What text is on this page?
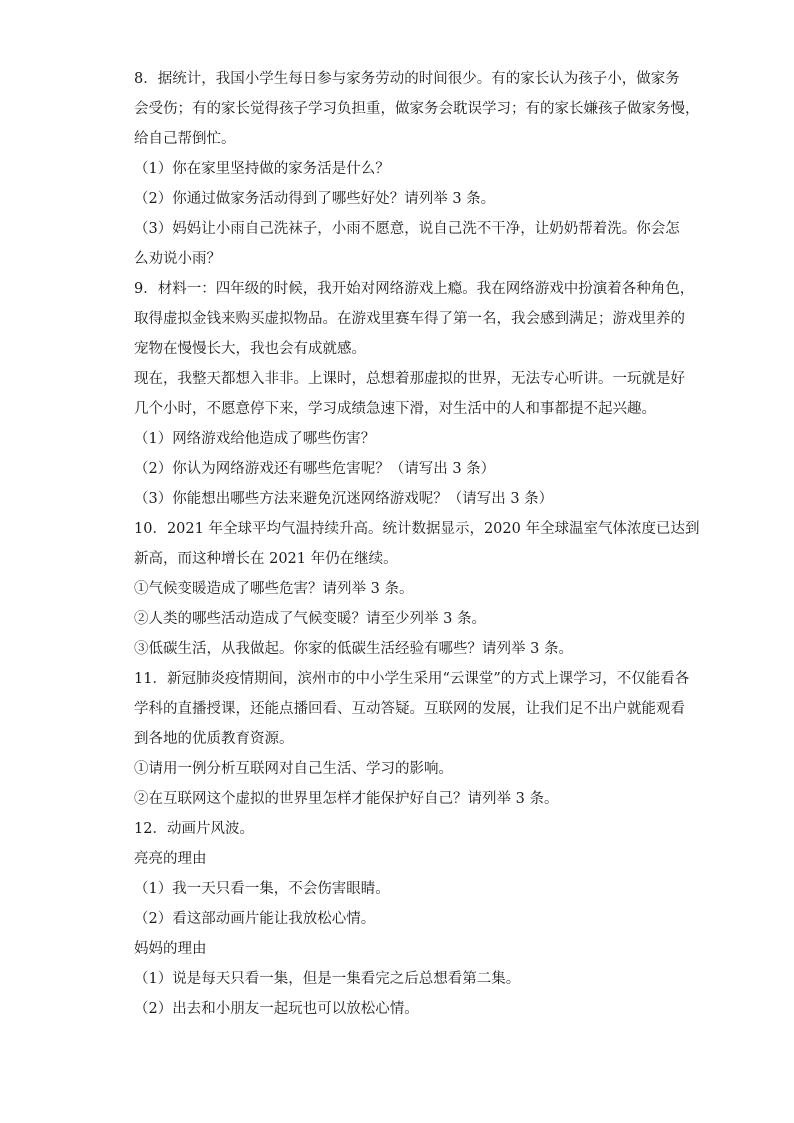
8．据统计，我国小学生每日参与家务劳动的时间很少。有的家长认为孩子小，做家务
会受伤；有的家长觉得孩子学习负担重，做家务会耽误学习；有的家长嫌孩子做家务慢，
给自己帮倒忙。
（1）你在家里坚持做的家务活是什么？
（2）你通过做家务活动得到了哪些好处？请列举 3 条。
（3）妈妈让小雨自己洗袜子，小雨不愿意，说自己洗不干净，让奶奶帮着洗。你会怎
么劝说小雨？
9．材料一：四年级的时候，我开始对网络游戏上瘾。我在网络游戏中扮演着各种角色，
取得虚拟金钱来购买虚拟物品。在游戏里赛车得了第一名，我会感到满足；游戏里养的
宠物在慢慢长大，我也会有成就感。
现在，我整天都想入非非。上课时，总想着那虚拟的世界，无法专心听讲。一玩就是好
几个小时，不愿意停下来，学习成绩急速下滑，对生活中的人和事都提不起兴趣。
（1）网络游戏给他造成了哪些伤害？
（2）你认为网络游戏还有哪些危害呢？（请写出 3 条）
（3）你能想出哪些方法来避免沉迷网络游戏呢？（请写出 3 条）
10．2021 年全球平均气温持续升高。统计数据显示，2020 年全球温室气体浓度已达到
新高，而这种增长在 2021 年仍在继续。
①气候变暖造成了哪些危害？请列举 3 条。
②人类的哪些活动造成了气候变暖？请至少列举 3 条。
③低碳生活，从我做起。你家的低碳生活经验有哪些？请列举 3 条。
11．新冠肺炎疫情期间，滨州市的中小学生采用“云课堂”的方式上课学习，不仅能看各
学科的直播授课，还能点播回看、互动答疑。互联网的发展，让我们足不出户就能观看
到各地的优质教育资源。
①请用一例分析互联网对自己生活、学习的影响。
②在互联网这个虚拟的世界里怎样才能保护好自己？请列举 3 条。
12．动画片风波。
亮亮的理由
（1）我一天只看一集，不会伤害眼睛。
（2）看这部动画片能让我放松心情。
妈妈的理由
（1）说是每天只看一集，但是一集看完之后总想看第二集。
（2）出去和小朋友一起玩也可以放松心情。
